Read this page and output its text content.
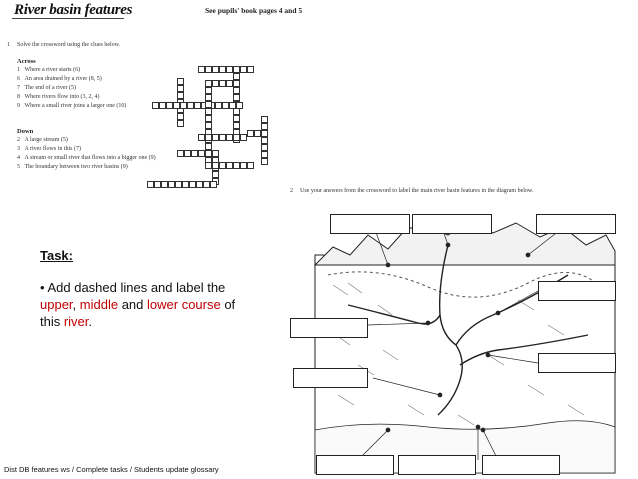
River basin features	See pupils' book pages 4 and 5
1 Solve the crossword using the clues below.
Across
1 Where a river starts (6)
6 An area drained by a river (8, 5)
7 The end of a river (5)
8 Where rivers flow into (3, 2, 4)
9 Where a small river joins a larger one (10)
Down
2 A large stream (5)
3 A river flows in this (7)
4 A stream or small river that flows into a bigger one (9)
5 The boundary between two river basins (9)
2 Use your answers from the crossword to label the main river basin features in the diagram below.
Task:
• Add dashed lines and label the upper, middle and lower course of this river.
Dist DB features ws / Complete tasks / Students update glossary
